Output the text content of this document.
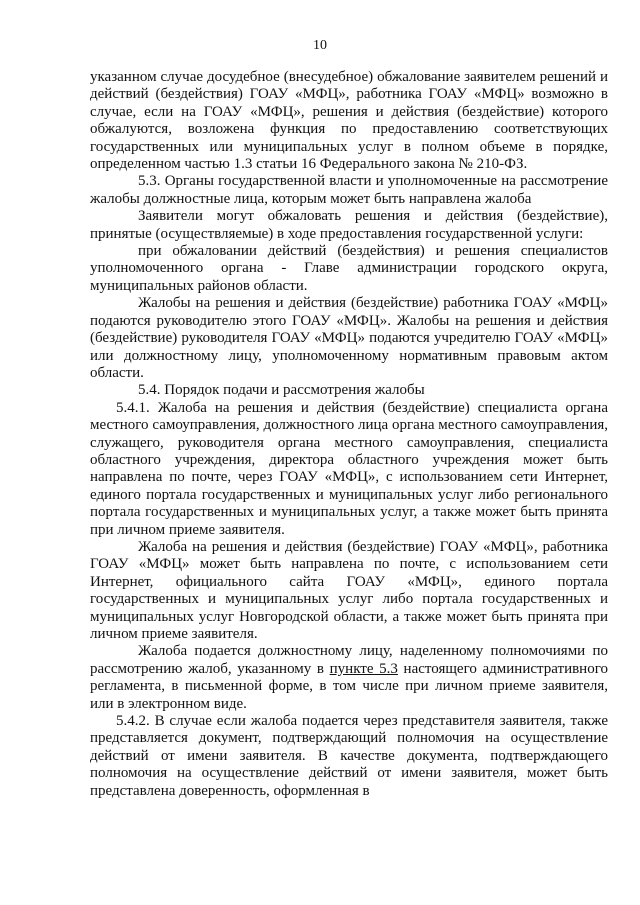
10

указанном случае досудебное (внесудебное) обжалование заявителем решений и действий (бездействия) ГОАУ «МФЦ», работника ГОАУ «МФЦ» возможно в случае, если на ГОАУ «МФЦ», решения и действия (бездействие) которого обжалуются, возложена функция по предоставлению соответствующих государственных или муниципальных услуг в полном объеме в порядке, определенном частью 1.3 статьи 16 Федерального закона № 210-ФЗ.

5.3. Органы государственной власти и уполномоченные на рассмотрение жалобы должностные лица, которым может быть направлена жалоба

Заявители могут обжаловать решения и действия (бездействие), принятые (осуществляемые) в ходе предоставления государственной услуги:

при обжаловании действий (бездействия) и решения специалистов уполномоченного органа - Главе администрации городского округа, муниципальных районов области.

Жалобы на решения и действия (бездействие) работника ГОАУ «МФЦ» подаются руководителю этого ГОАУ «МФЦ». Жалобы на решения и действия (бездействие) руководителя ГОАУ «МФЦ» подаются учредителю ГОАУ «МФЦ» или должностному лицу, уполномоченному нормативным правовым актом области.

5.4. Порядок подачи и рассмотрения жалобы

5.4.1. Жалоба на решения и действия (бездействие) специалиста органа местного самоуправления, должностного лица органа местного самоуправления, служащего, руководителя органа местного самоуправления, специалиста областного учреждения, директора областного учреждения может быть направлена по почте, через ГОАУ «МФЦ», с использованием сети Интернет, единого портала государственных и муниципальных услуг либо регионального портала государственных и муниципальных услуг, а также может быть принята при личном приеме заявителя.

Жалоба на решения и действия (бездействие) ГОАУ «МФЦ», работника ГОАУ «МФЦ» может быть направлена по почте, с использованием сети Интернет, официального сайта ГОАУ «МФЦ», единого портала государственных и муниципальных услуг либо портала государственных и муниципальных услуг Новгородской области, а также может быть принята при личном приеме заявителя.

Жалоба подается должностному лицу, наделенному полномочиями по рассмотрению жалоб, указанному в пункте 5.3 настоящего административного регламента, в письменной форме, в том числе при личном приеме заявителя, или в электронном виде.

5.4.2. В случае если жалоба подается через представителя заявителя, также представляется документ, подтверждающий полномочия на осуществление действий от имени заявителя. В качестве документа, подтверждающего полномочия на осуществление действий от имени заявителя, может быть представлена доверенность, оформленная в
